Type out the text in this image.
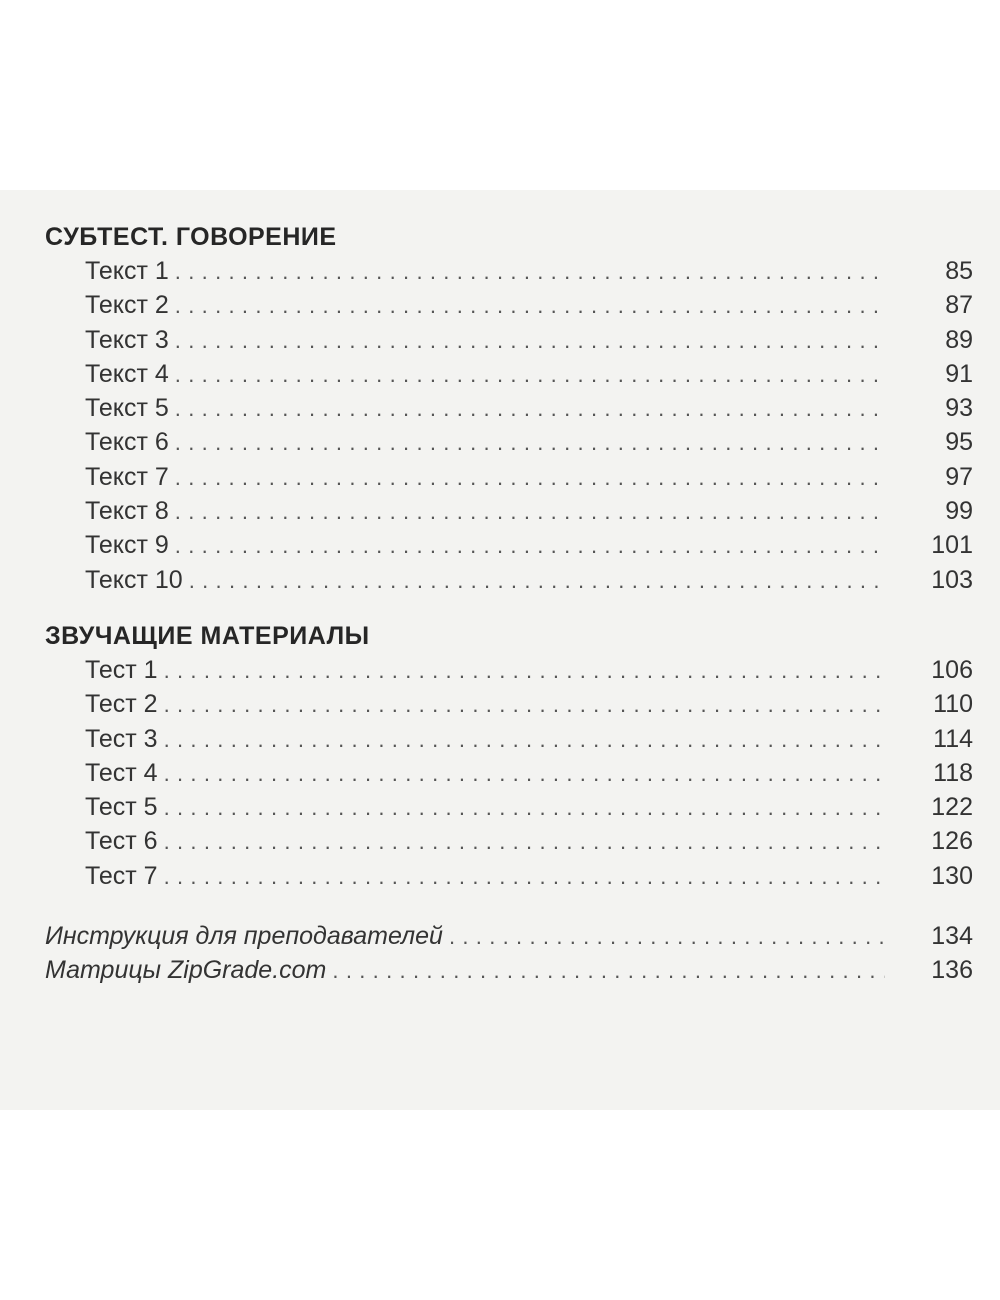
СУБТЕСТ. ГОВОРЕНИЕ
Текст 1 . . .	85
Текст 2 . . .	87
Текст 3 . . .	89
Текст 4 . . .	91
Текст 5 . . .	93
Текст 6 . . .	95
Текст 7 . . .	97
Текст 8 . . .	99
Текст 9 . . .	101
Текст 10 . . .	103
ЗВУЧАЩИЕ МАТЕРИАЛЫ
Тест 1 . . .	106
Тест 2 . . .	110
Тест 3 . . .	114
Тест 4 . . .	118
Тест 5 . . .	122
Тест 6 . . .	126
Тест 7 . . .	130
Инструкция для преподавателей . . .	134
Матрицы ZipGrade.com . . .	136
